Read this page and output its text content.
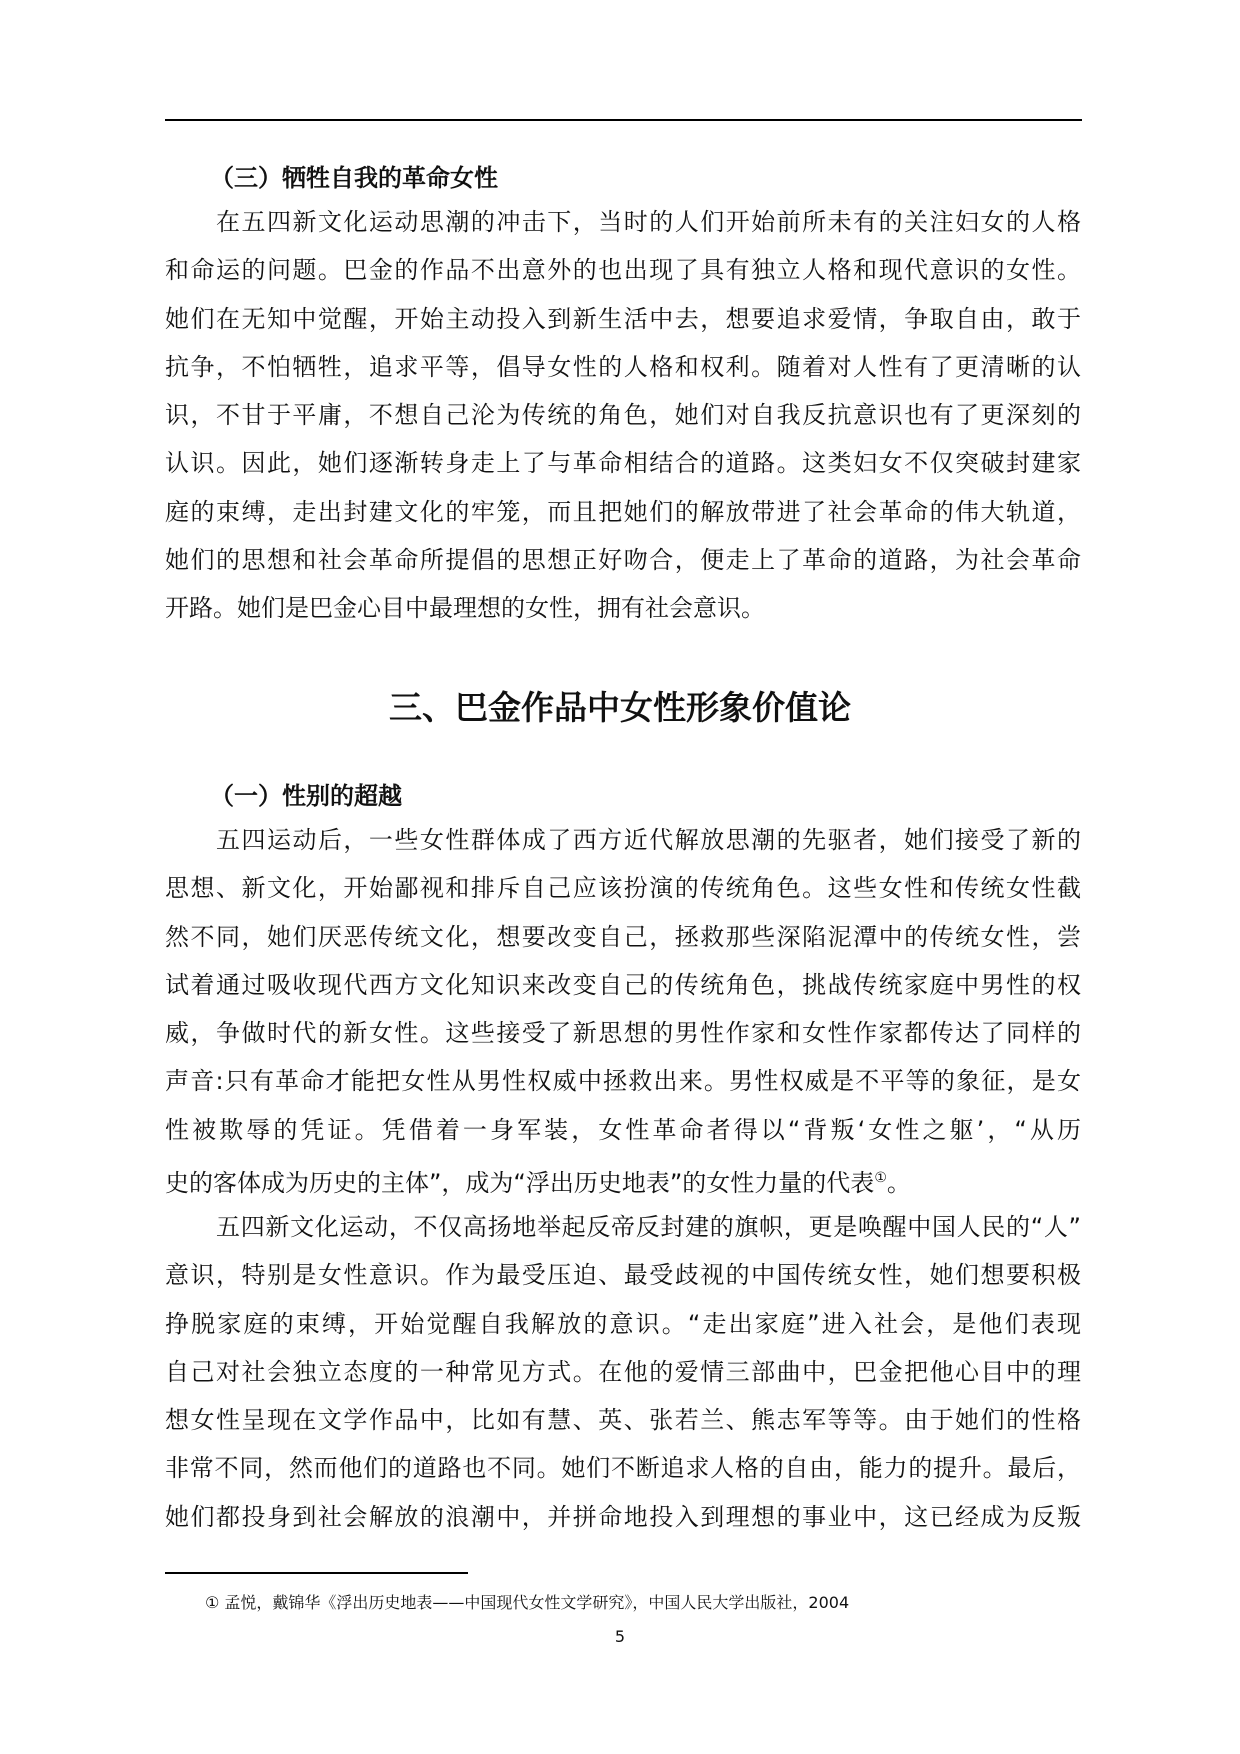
（三）牺牲自我的革命女性
在五四新文化运动思潮的冲击下，当时的人们开始前所未有的关注妇女的人格
和命运的问题。巴金的作品不出意外的也出现了具有独立人格和现代意识的女性。
她们在无知中觉醒，开始主动投入到新生活中去，想要追求爱情，争取自由，敢于
抗争，不怕牺牲，追求平等，倡导女性的人格和权利。随着对人性有了更清晰的认
识，不甘于平庸，不想自己沦为传统的角色，她们对自我反抗意识也有了更深刻的
认识。因此，她们逐渐转身走上了与革命相结合的道路。这类妇女不仅突破封建家
庭的束缚，走出封建文化的牢笼，而且把她们的解放带进了社会革命的伟大轨道，
她们的思想和社会革命所提倡的思想正好吻合，便走上了革命的道路，为社会革命
开路。她们是巴金心目中最理想的女性，拥有社会意识。
三、巴金作品中女性形象价值论
（一）性别的超越
五四运动后，一些女性群体成了西方近代解放思潮的先驱者，她们接受了新的
思想、新文化，开始鄙视和排斥自己应该扮演的传统角色。这些女性和传统女性截
然不同，她们厌恶传统文化，想要改变自己，拯救那些深陷泥潭中的传统女性，尝
试着通过吸收现代西方文化知识来改变自己的传统角色，挑战传统家庭中男性的权
威，争做时代的新女性。这些接受了新思想的男性作家和女性作家都传达了同样的
声音:只有革命才能把女性从男性权威中拯救出来。男性权威是不平等的象征，是女
性被欺辱的凭证。凭借着一身军装，女性革命者得以“背叛‘女性之躯’，“从历
史的客体成为历史的主体”，成为“浮出历史地表”的女性力量的代表①。
五四新文化运动，不仅高扬地举起反帝反封建的旗帜，更是唤醒中国人民的“人”
意识，特别是女性意识。作为最受压迫、最受歧视的中国传统女性，她们想要积极
挣脱家庭的束缚，开始觉醒自我解放的意识。“走出家庭”进入社会，是他们表现
自己对社会独立态度的一种常见方式。在他的爱情三部曲中，巴金把他心目中的理
想女性呈现在文学作品中，比如有慧、英、张若兰、熊志军等等。由于她们的性格
非常不同，然而他们的道路也不同。她们不断追求人格的自由，能力的提升。最后，
她们都投身到社会解放的浪潮中，并拼命地投入到理想的事业中，这已经成为反叛
① 孟悦，戴锦华《浮出历史地表——中国现代女性文学研究》，中国人民大学出版社，2004
5
